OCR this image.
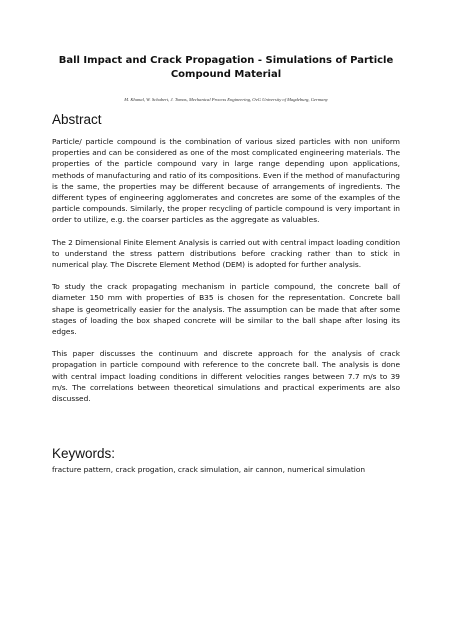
Ball Impact and Crack Propagation - Simulations of Particle Compound Material

M. Khanal, W. Schubert, J. Tomas, Mechanical Process Engineering, OvG University of Magdeburg, Germany

Abstract

Particle/ particle compound is the combination of various sized particles with non uniform properties and can be considered as one of the most complicated engineering materials. The properties of the particle compound vary in large range depending upon applications, methods of manufacturing and ratio of its compositions. Even if the method of manufacturing is the same, the properties may be different because of arrangements of ingredients. The different types of engineering agglomerates and concretes are some of the examples of the particle compounds. Similarly, the proper recycling of particle compound is very important in order to utilize, e.g. the coarser particles as the aggregate as valuables.

The 2 Dimensional Finite Element Analysis is carried out with central impact loading condition to understand the stress pattern distributions before cracking rather than to stick in numerical play. The Discrete Element Method (DEM) is adopted for further analysis.

To study the crack propagating mechanism in particle compound, the concrete ball of diameter 150 mm with properties of B35 is chosen for the representation. Concrete ball shape is geometrically easier for the analysis. The assumption can be made that after some stages of loading the box shaped concrete will be similar to the ball shape after losing its edges.

This paper discusses the continuum and discrete approach for the analysis of crack propagation in particle compound with reference to the concrete ball. The analysis is done with central impact loading conditions in different velocities ranges between 7.7 m/s to 39 m/s. The correlations between theoretical simulations and practical experiments are also discussed.

Keywords:

fracture pattern, crack progation, crack simulation, air cannon, numerical simulation
